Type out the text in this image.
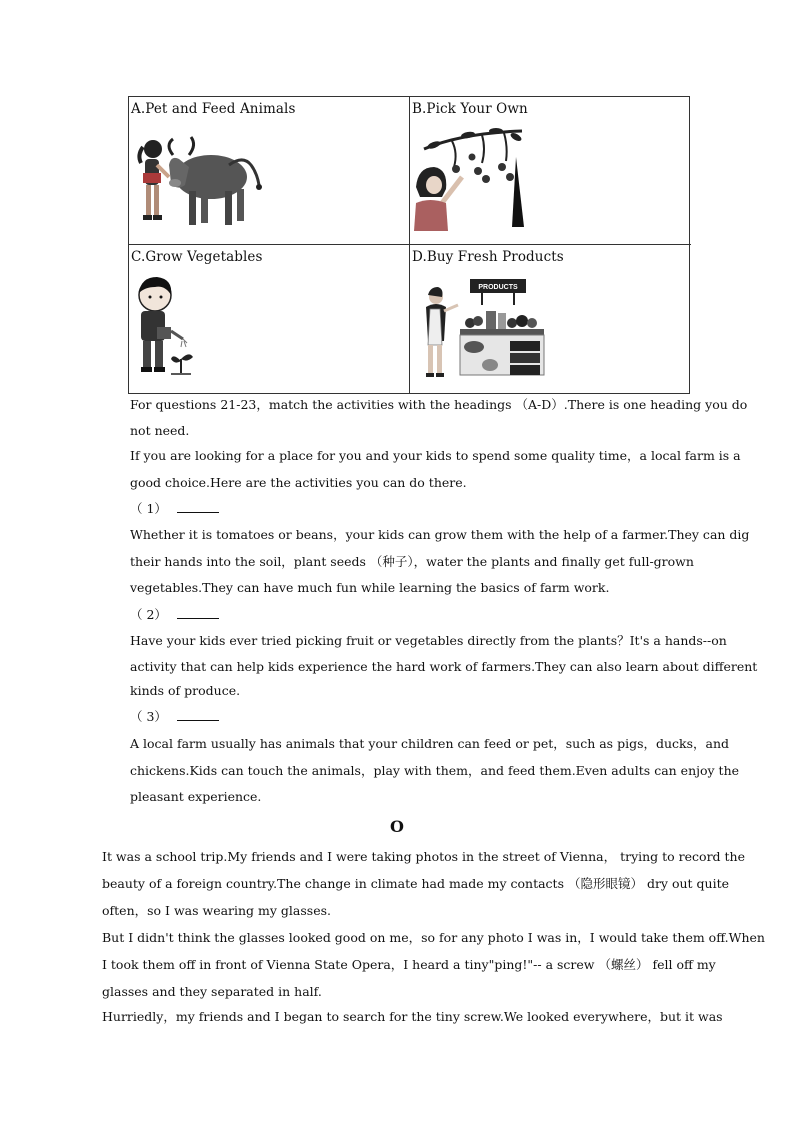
A.Pet and Feed Animals	B.Pick Your Own
C.Grow Vegetables	D.Buy Fresh Products
PRODUCTS
For questions 21-23，match the activities with the headings （A-D）.There is one heading you do
not need.
If you are looking for a place for you and your kids to spend some quality time，a local farm is a
good choice.Here are the activities you can do there.
（ 1）
Whether it is tomatoes or beans，your kids can grow them with the help of a farmer.They can dig
their hands into the soil，plant seeds （种子），water the plants and finally get full-grown
vegetables.They can have much fun while learning the basics of farm work.
（ 2）
Have your kids ever tried picking fruit or vegetables directly from the plants？It's a hands--on
activity that can help kids experience the hard work of farmers.They can also learn about different
kinds of produce.
（ 3）
A local farm usually has animals that your children can feed or pet，such as pigs，ducks，and
chickens.Kids can touch the animals，play with them，and feed them.Even adults can enjoy the
pleasant experience.
O
It was a school trip.My friends and I were taking photos in the street of Vienna， trying to record the
beauty of a foreign country.The change in climate had made my contacts （隐形眼镜） dry out quite
often，so I was wearing my glasses.
But I didn't think the glasses looked good on me，so for any photo I was in，I would take them off.When
I took them off in front of Vienna State Opera，I heard a tiny"ping!"-- a screw （螺丝） fell off my
glasses and they separated in half.
Hurriedly，my friends and I began to search for the tiny screw.We looked everywhere，but it was
